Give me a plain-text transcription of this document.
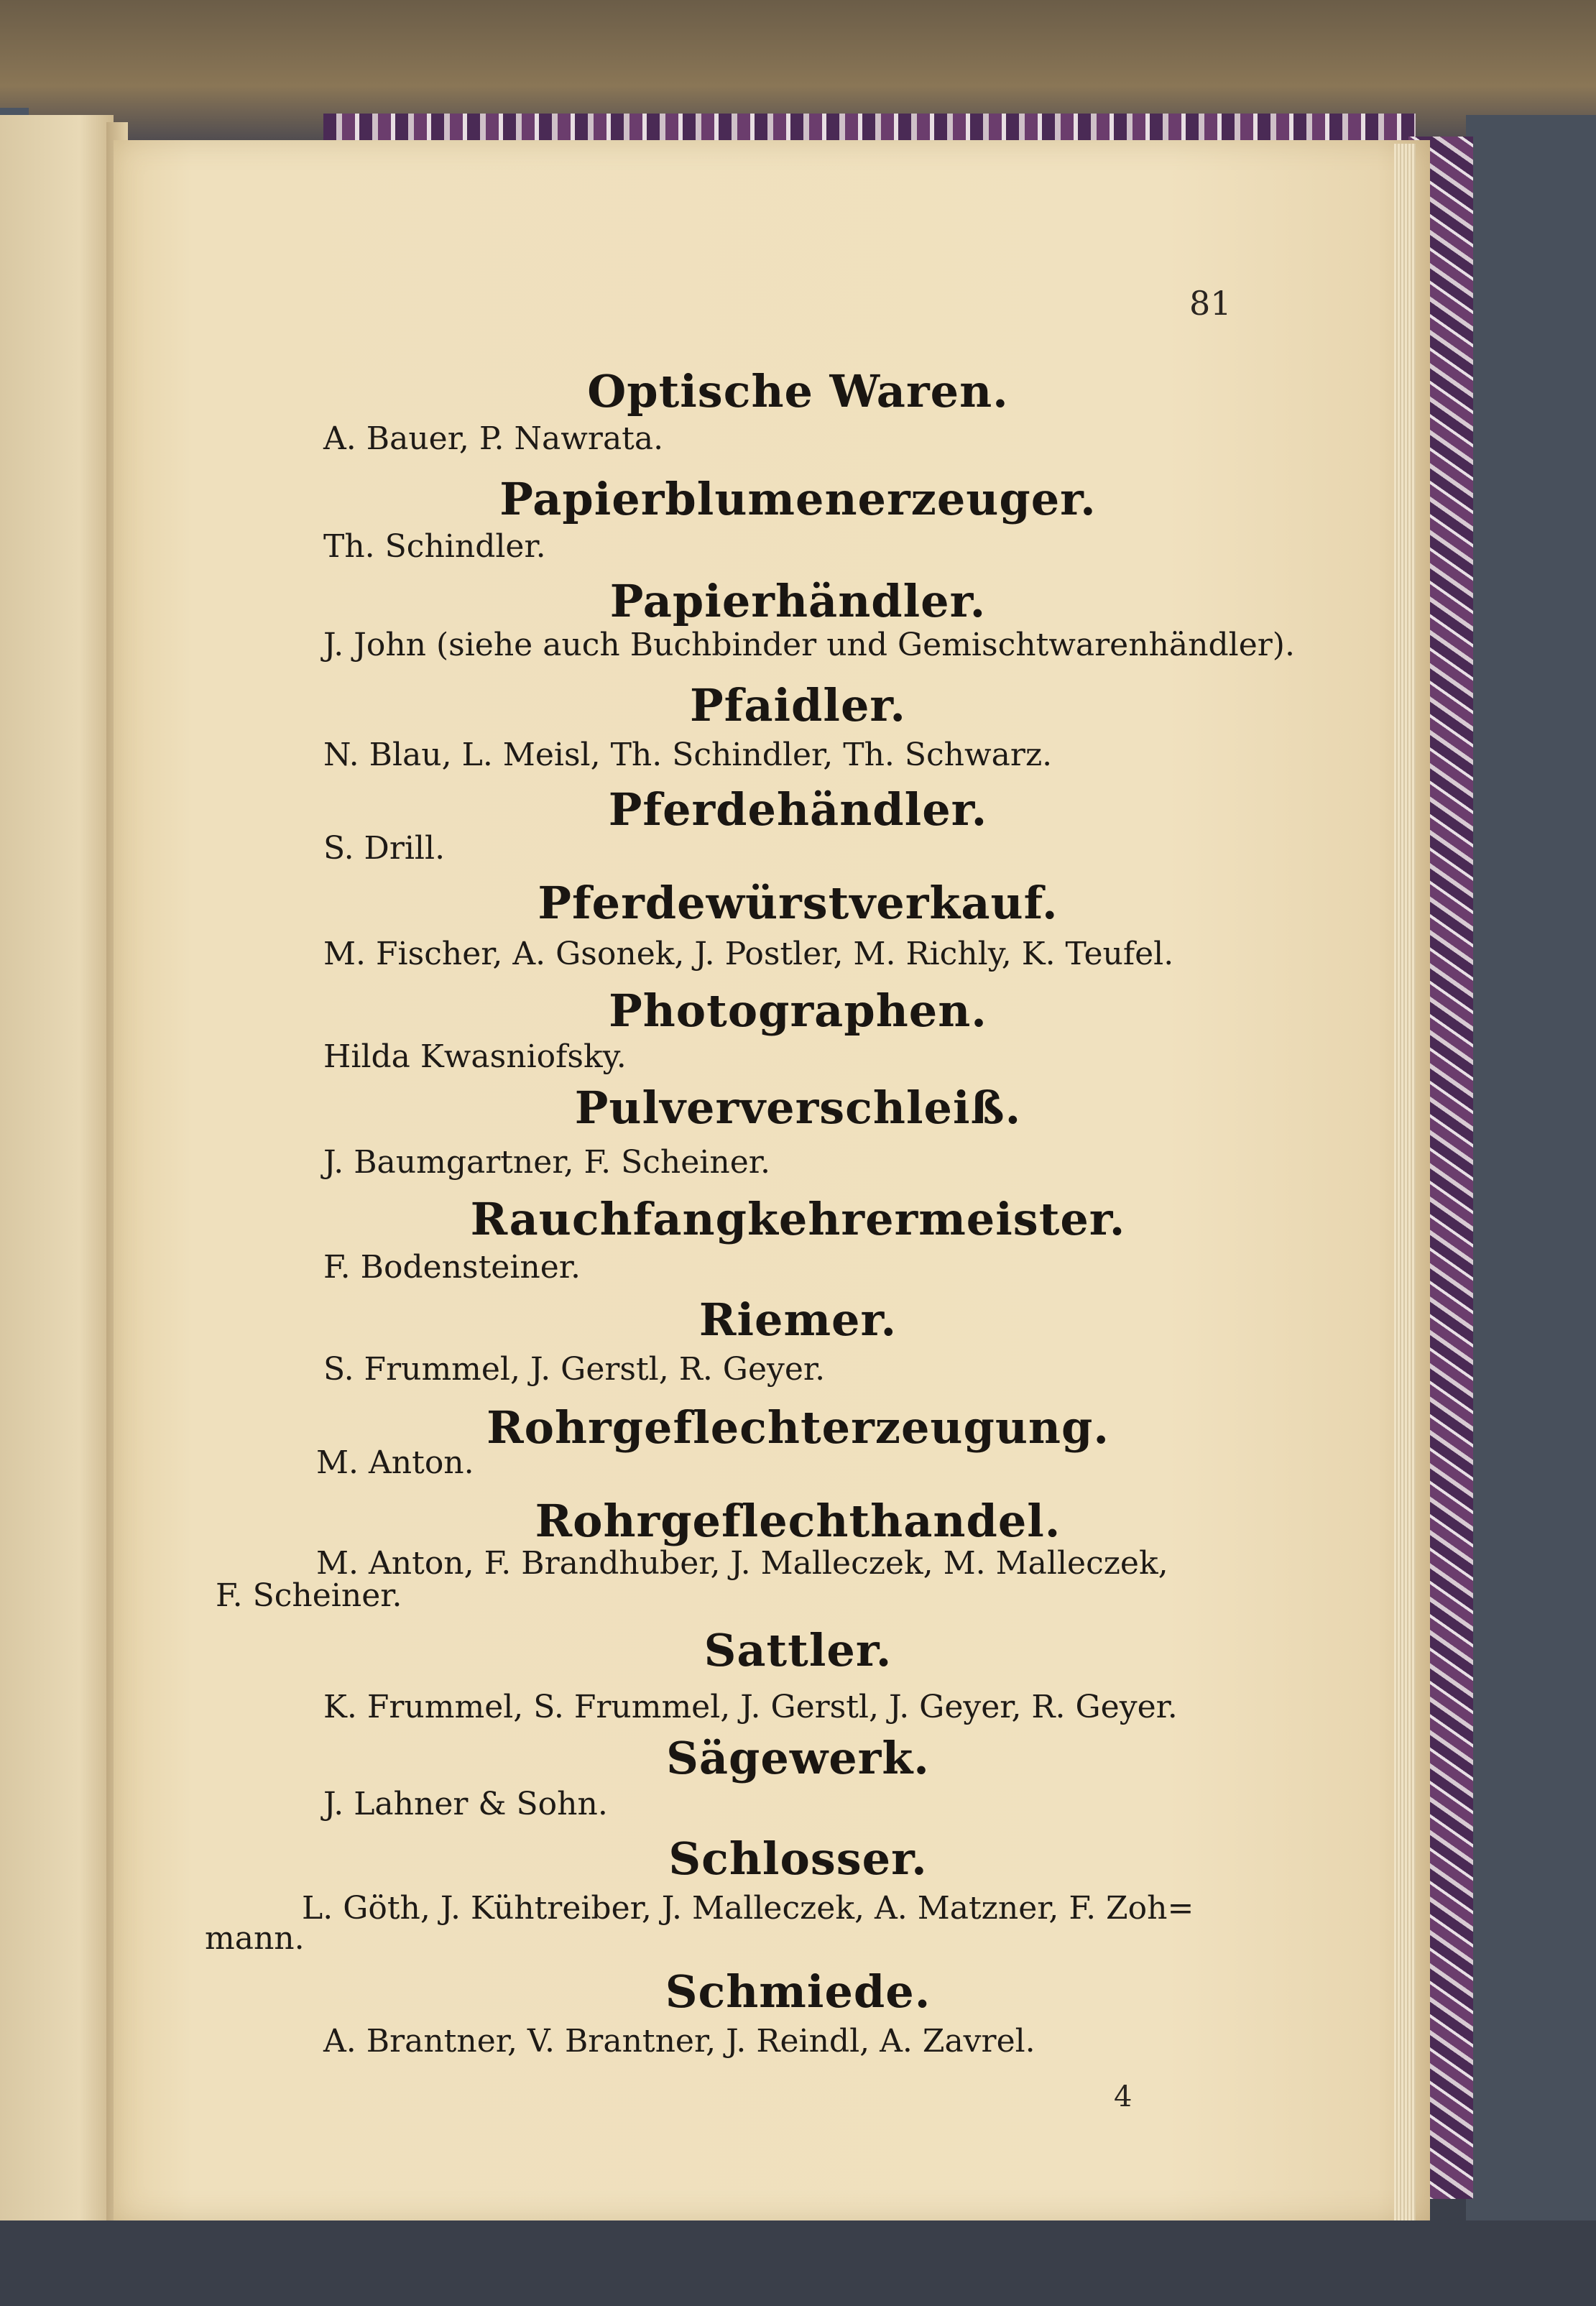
81
Optische Waren.
A. Bauer, P. Nawrata.
Papierblumenerzeuger.
Th. Schindler.
Papierhändler.
J. John (siehe auch Buchbinder und Gemischtwarenhändler).
Pfaidler.
N. Blau, L. Meisl, Th. Schindler, Th. Schwarz.
Pferdehändler.
S. Drill.
Pferdewürstverkauf.
M. Fischer, A. Gsonek, J. Postler, M. Richly, K. Teufel.
Photographen.
Hilda Kwasniofsky.
Pulververschleiß.
J. Baumgartner, F. Scheiner.
Rauchfangkehrermeister.
F. Bodensteiner.
Riemer.
S. Frummel, J. Gerstl, R. Geyer.
Rohrgeflechterzeugung.
M. Anton.
Rohrgeflechthandel.
M. Anton, F. Brandhuber, J. Malleczek, M. Malleczek,
F. Scheiner.
Sattler.
K. Frummel, S. Frummel, J. Gerstl, J. Geyer, R. Geyer.
Sägewerk.
J. Lahner & Sohn.
Schlosser.
L. Göth, J. Kühtreiber, J. Malleczek, A. Matzner, F. Zoh=
mann.
Schmiede.
A. Brantner, V. Brantner, J. Reindl, A. Zavrel.
4
